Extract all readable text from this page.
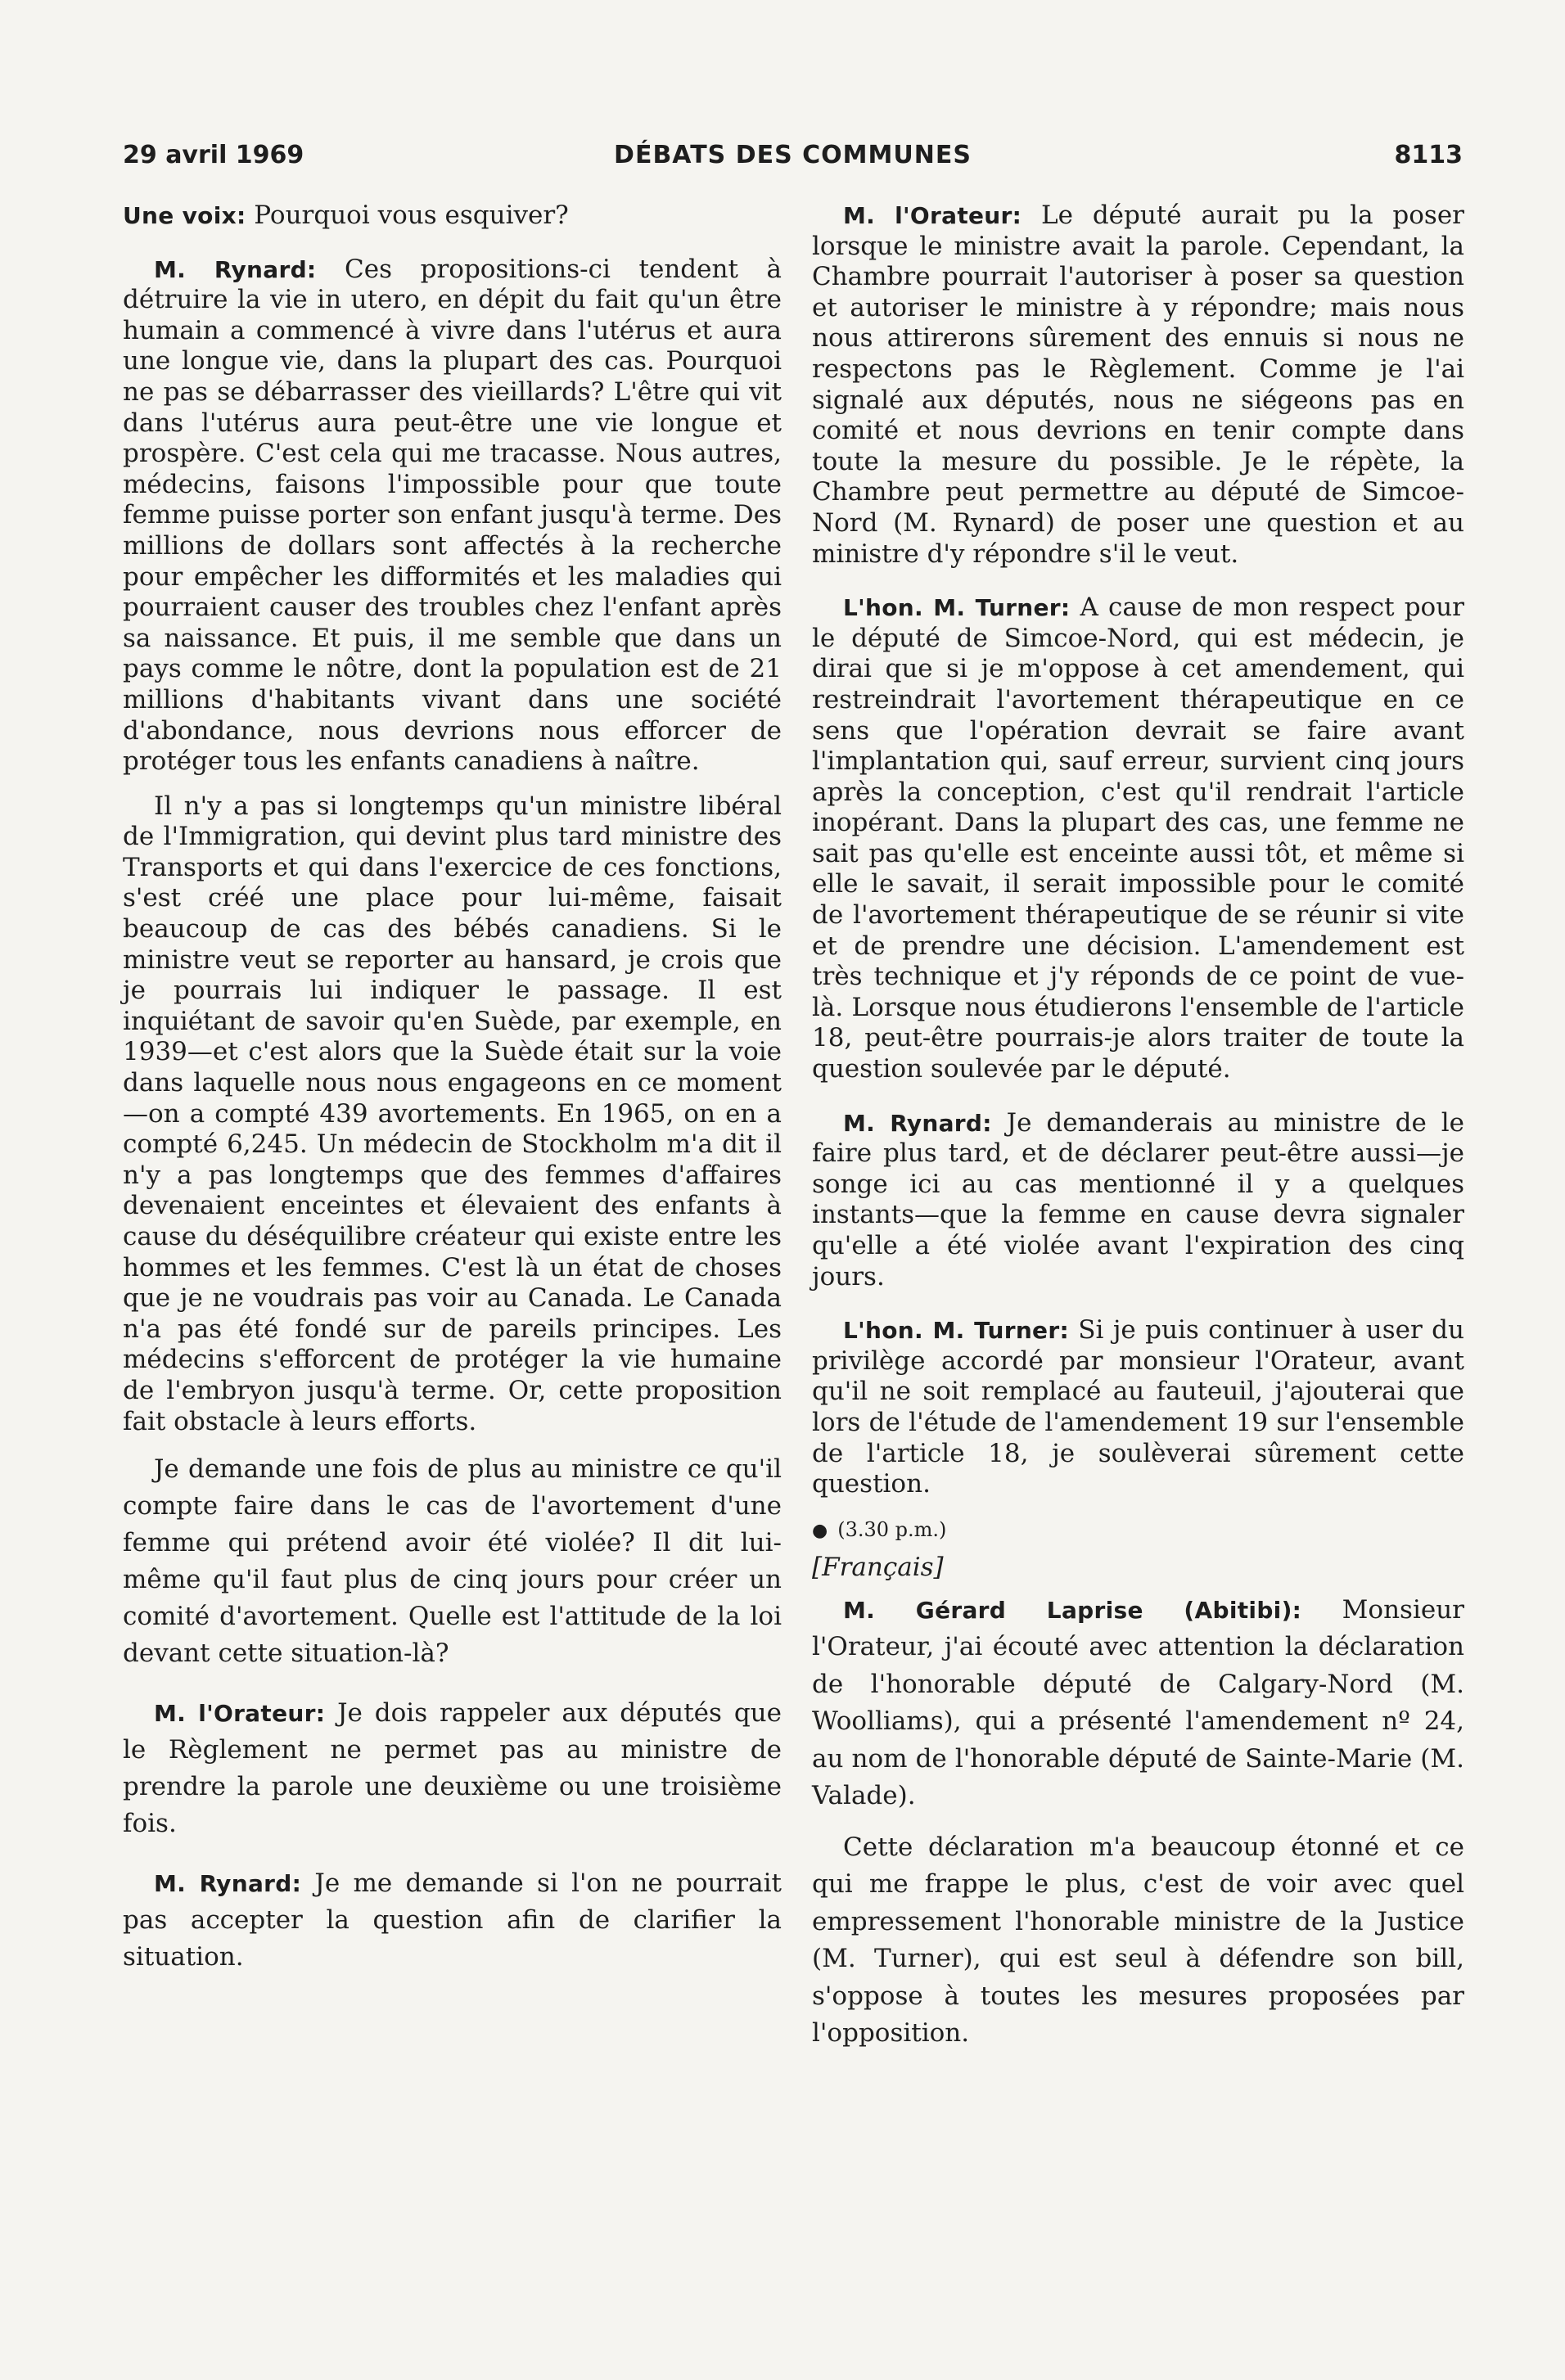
29 avril 1969	DÉBATS DES COMMUNES	8113

Une voix: Pourquoi vous esquiver?

M. Rynard: Ces propositions-ci tendent à détruire la vie in utero, en dépit du fait qu'un être humain a commencé à vivre dans l'utérus et aura une longue vie, dans la plupart des cas. Pourquoi ne pas se débarrasser des vieillards? L'être qui vit dans l'utérus aura peut-être une vie longue et prospère. C'est cela qui me tracasse. Nous autres, médecins, faisons l'impossible pour que toute femme puisse porter son enfant jusqu'à terme. Des millions de dollars sont affectés à la recherche pour empêcher les difformités et les maladies qui pourraient causer des troubles chez l'enfant après sa naissance. Et puis, il me semble que dans un pays comme le nôtre, dont la population est de 21 millions d'habitants vivant dans une société d'abondance, nous devrions nous efforcer de protéger tous les enfants canadiens à naître.

Il n'y a pas si longtemps qu'un ministre libéral de l'Immigration, qui devint plus tard ministre des Transports et qui dans l'exercice de ces fonctions, s'est créé une place pour lui-même, faisait beaucoup de cas des bébés canadiens. Si le ministre veut se reporter au hansard, je crois que je pourrais lui indiquer le passage. Il est inquiétant de savoir qu'en Suède, par exemple, en 1939—et c'est alors que la Suède était sur la voie dans laquelle nous nous engageons en ce moment—on a compté 439 avortements. En 1965, on en a compté 6,245. Un médecin de Stockholm m'a dit il n'y a pas longtemps que des femmes d'affaires devenaient enceintes et élevaient des enfants à cause du déséquilibre créateur qui existe entre les hommes et les femmes. C'est là un état de choses que je ne voudrais pas voir au Canada. Le Canada n'a pas été fondé sur de pareils principes. Les médecins s'efforcent de protéger la vie humaine de l'embryon jusqu'à terme. Or, cette proposition fait obstacle à leurs efforts.

Je demande une fois de plus au ministre ce qu'il compte faire dans le cas de l'avortement d'une femme qui prétend avoir été violée? Il dit lui-même qu'il faut plus de cinq jours pour créer un comité d'avortement. Quelle est l'attitude de la loi devant cette situation-là?

M. l'Orateur: Je dois rappeler aux députés que le Règlement ne permet pas au ministre de prendre la parole une deuxième ou une troisième fois.

M. Rynard: Je me demande si l'on ne pourrait pas accepter la question afin de clarifier la situation.

M. l'Orateur: Le député aurait pu la poser lorsque le ministre avait la parole. Cependant, la Chambre pourrait l'autoriser à poser sa question et autoriser le ministre à y répondre; mais nous nous attirerons sûrement des ennuis si nous ne respectons pas le Règlement. Comme je l'ai signalé aux députés, nous ne siégeons pas en comité et nous devrions en tenir compte dans toute la mesure du possible. Je le répète, la Chambre peut permettre au député de Simcoe-Nord (M. Rynard) de poser une question et au ministre d'y répondre s'il le veut.

L'hon. M. Turner: A cause de mon respect pour le député de Simcoe-Nord, qui est médecin, je dirai que si je m'oppose à cet amendement, qui restreindrait l'avortement thérapeutique en ce sens que l'opération devrait se faire avant l'implantation qui, sauf erreur, survient cinq jours après la conception, c'est qu'il rendrait l'article inopérant. Dans la plupart des cas, une femme ne sait pas qu'elle est enceinte aussi tôt, et même si elle le savait, il serait impossible pour le comité de l'avortement thérapeutique de se réunir si vite et de prendre une décision. L'amendement est très technique et j'y réponds de ce point de vue-là. Lorsque nous étudierons l'ensemble de l'article 18, peut-être pourrais-je alors traiter de toute la question soulevée par le député.

M. Rynard: Je demanderais au ministre de le faire plus tard, et de déclarer peut-être aussi—je songe ici au cas mentionné il y a quelques instants—que la femme en cause devra signaler qu'elle a été violée avant l'expiration des cinq jours.

L'hon. M. Turner: Si je puis continuer à user du privilège accordé par monsieur l'Orateur, avant qu'il ne soit remplacé au fauteuil, j'ajouterai que lors de l'étude de l'amendement 19 sur l'ensemble de l'article 18, je soulèverai sûrement cette question.

● (3.30 p.m.)
[Français]

M. Gérard Laprise (Abitibi): Monsieur l'Orateur, j'ai écouté avec attention la déclaration de l'honorable député de Calgary-Nord (M. Woolliams), qui a présenté l'amendement nº 24, au nom de l'honorable député de Sainte-Marie (M. Valade).

Cette déclaration m'a beaucoup étonné et ce qui me frappe le plus, c'est de voir avec quel empressement l'honorable ministre de la Justice (M. Turner), qui est seul à défendre son bill, s'oppose à toutes les mesures proposées par l'opposition.
